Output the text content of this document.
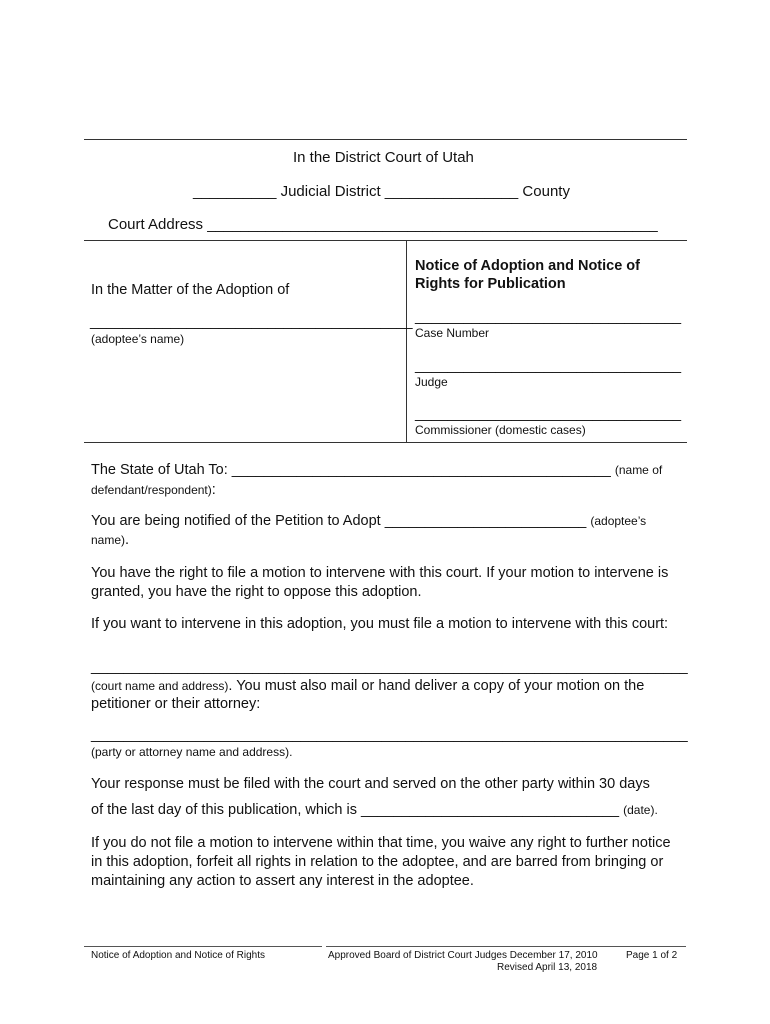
In the District Court of Utah
__________ Judicial District ________________ County
Court Address ______________________________________________________
In the Matter of the Adoption of
________________________________________
(adoptee’s name)
Notice of Adoption and Notice of
Rights for Publication
_________________________________
Case Number
_________________________________
Judge
_________________________________
Commissioner (domestic cases)
The State of Utah To: _______________________________________________ (name of
defendant/respondent):
You are being notified of the Petition to Adopt _________________________ (adoptee’s
name).
You have the right to file a motion to intervene with this court. If your motion to intervene is granted, you have the right to oppose this adoption.
If you want to intervene in this adoption, you must file a motion to intervene with this court:
__________________________________________________________________________
(court name and address). You must also mail or hand deliver a copy of your motion on the
petitioner or their attorney:
__________________________________________________________________________
(party or attorney name and address).
Your response must be filed with the court and served on the other party within 30 days
of the last day of this publication, which is ________________________________ (date).
If you do not file a motion to intervene within that time, you waive any right to further notice in this adoption, forfeit all rights in relation to the adoptee, and are barred from bringing or maintaining any action to assert any interest in the adoptee.
Notice of Adoption and Notice of Rights	Approved Board of District Court Judges December 17, 2010
Revised April 13, 2018
Page 1 of 2
